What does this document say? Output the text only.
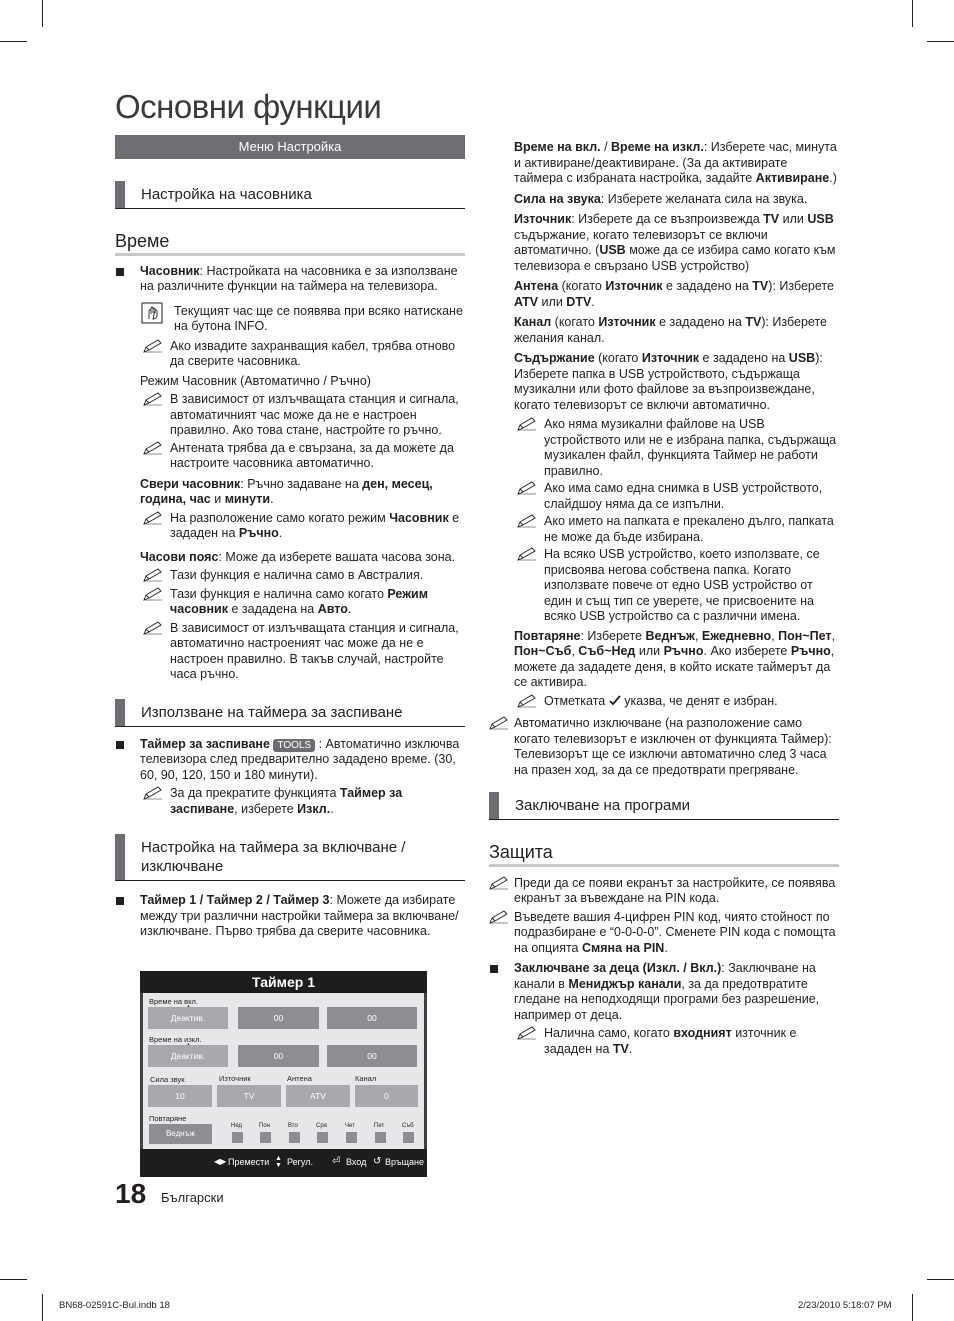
Основни функции
Меню Настройка
Настройка на часовника
Време
Часовник: Настройката на часовника е за използване на различните функции на таймера на телевизора.
Текущият час ще се появява при всяко натискане на бутона INFO.
Ако извадите захранващия кабел, трябва отново да сверите часовника.

Режим Часовник (Автоматично / Ръчно)

В зависимост от излъчващата станция и сигнала, автоматичният час може да не е настроен правилно. Ако това стане, настройте го ръчно.
Антената трябва да е свързана, за да можете да настроите часовника автоматично.

Свери часовник: Ръчно задаване на ден, месец, година, час и минути.

На разположение само когато режим Часовник е зададен на Ръчно.

Часови пояс: Може да изберете вашата часова зона.

Тази функция е налична само в Австралия.
Тази функция е налична само когато Режим часовник е зададена на Авто.
В зависимост от излъчващата станция и сигнала, автоматично настроеният час може да не е настроен правилно. В такъв случай, настройте часа ръчно.
Използване на таймера за заспиване
Таймер за заспиване TOOLS : Автоматично изключва телевизора след предварително зададено време. (30, 60, 90, 120, 150 и 180 минути).
За да прекратите функцията Таймер за заспиване, изберете Изкл..
Настройка на таймера за включване / изключване
Таймер 1 / Таймер 2 / Таймер 3: Можете да избирате между три различни настройки таймера за включване/изключване. Първо трябва да сверите часовника.
Таймер 1
Време на вкл.
Деактив.	00	00
Време на изкл.
Деактив.	00	00
Сила звук	Източник	Антена	Канал
10	TV	ATV	0
Повтаряне
Веднъж
Нед	Пон	Вто	Сря	Чет	Пет	Съб
◀▶ Премести ▲
▼ Регул. ⏎ Вход ↺ Връщане
18 Български

Време на вкл. / Време на изкл.: Изберете час, минута и активиране/деактивиране. (За да активирате таймера с избраната настройка, задайте Активиране.)

Сила на звука: Изберете желаната сила на звука.

Източник: Изберете да се възпроизвежда TV или USB съдържание, когато телевизорът се включи автоматично. (USB може да се избира само когато към телевизора е свързано USB устройство)

Антена (когато Източник е зададено на TV): Изберете ATV или DTV.

Канал (когато Източник е зададено на TV): Изберете желания канал.

Съдържание (когато Източник е зададено на USB): Изберете папка в USB устройството, съдържаща музикални или фото файлове за възпроизвеждане, когато телевизорът се включи автоматично.

Ако няма музикални файлове на USB устройството или не е избрана папка, съдържаща музикален файл, функцията Таймер не работи правилно.
Ако има само една снимка в USB устройството, слайдшоу няма да се изпълни.
Ако името на папката е прекалено дълго, папката не може да бъде избирана.
На всяко USB устройство, което използвате, се присвоява негова собствена папка. Когато използвате повече от едно USB устройство от един и същ тип се уверете, че присвоените на всяко USB устройство са с различни имена.

Повтаряне: Изберете Веднъж, Ежедневно, Пон~Пет, Пон~Съб, Съб~Нед или Ръчно. Ако изберете Ръчно, можете да зададете деня, в който искате таймерът да се активира.

Отметката  указва, че денят е избран.
Автоматично изключване (на разположение само когато телевизорът е изключен от функцията Таймер): Телевизорът ще се изключи автоматично след 3 часа на празен ход, за да се предотврати прегряване.
Заключване на програми
Защита
Преди да се появи екранът за настройките, се появява екранът за въвеждане на PIN кода.
Въведете вашия 4-цифрен PIN код, чиято стойност по подразбиране е “0-0-0-0”. Сменете PIN кода с помощта на опцията Смяна на PIN.
Заключване за деца (Изкл. / Вкл.): Заключване на канали в Мениджър канали, за да предотвратите гледане на неподходящи програми без разрешение, например от деца.
Налична само, когато входният източник е зададен на TV.
BN68-02591C-Bul.indb 18	2/23/2010 5:18:07 PM
